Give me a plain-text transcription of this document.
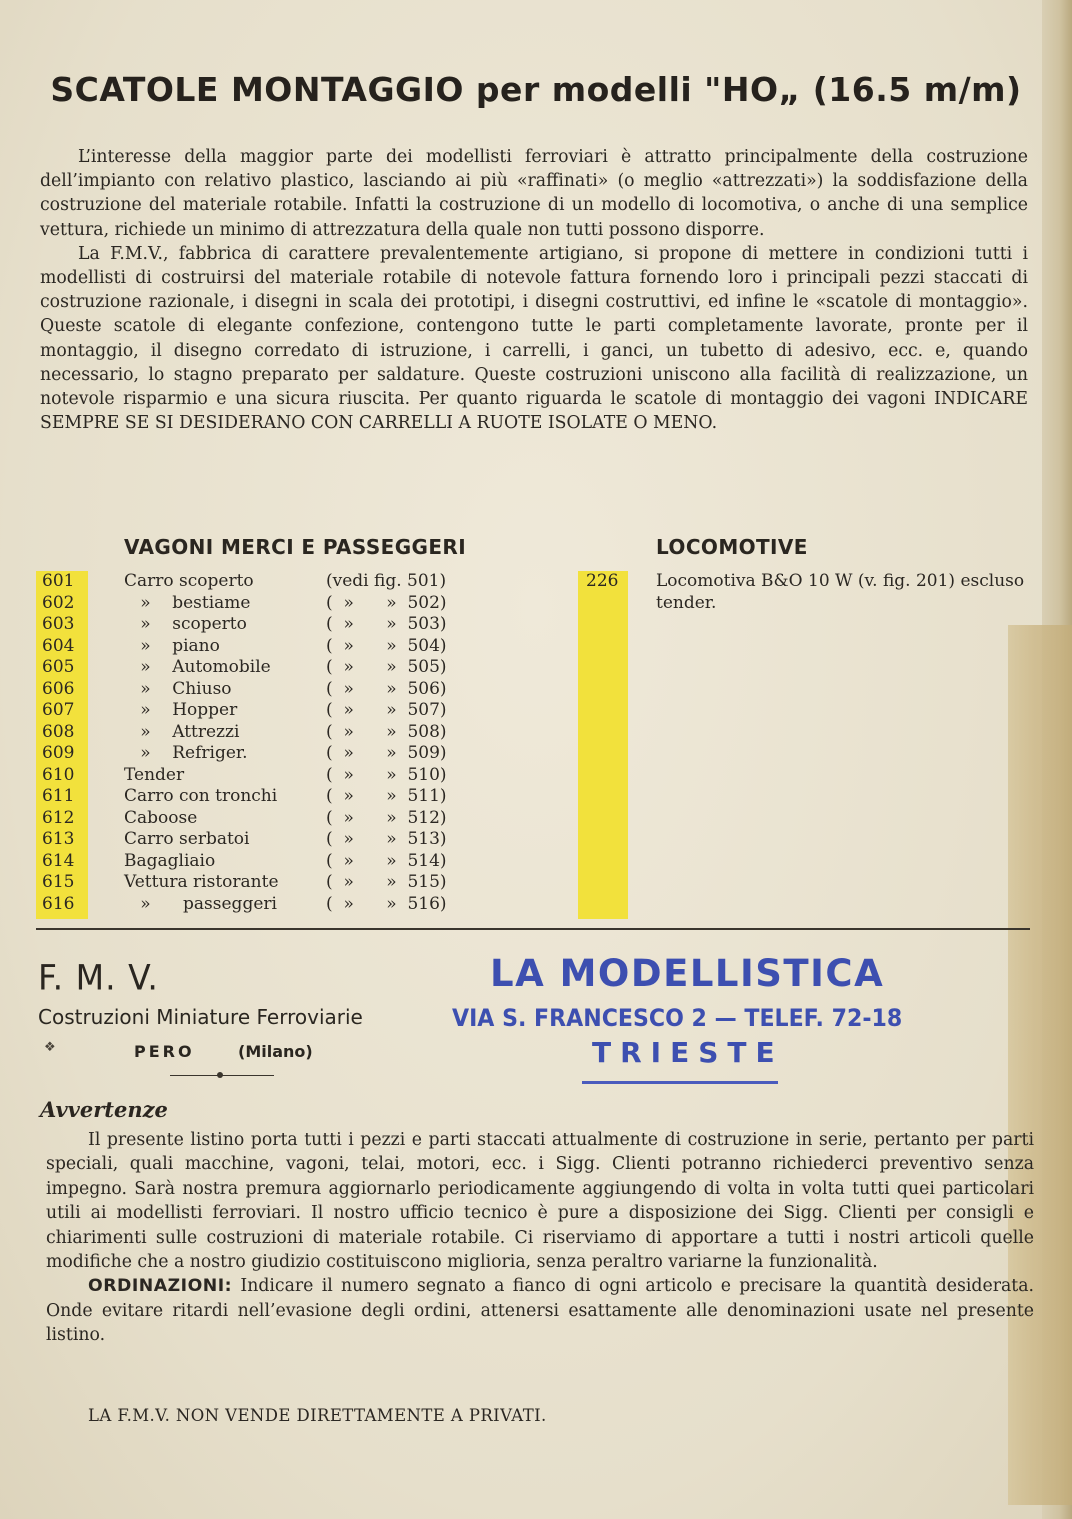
SCATOLE MONTAGGIO per modelli "HO„ (16.5 m/m)

L’interesse della maggior parte dei modellisti ferroviari è attratto principalmente della costruzione dell’impianto con relativo plastico, lasciando ai più «raffinati» (o meglio «attrezzati») la soddisfazione della costruzione del materiale rotabile. Infatti la costruzione di un modello di locomotiva, o anche di una semplice vettura, richiede un minimo di attrezzatura della quale non tutti possono disporre.

La F.M.V., fabbrica di carattere prevalentemente artigiano, si propone di mettere in condizioni tutti i modellisti di costruirsi del materiale rotabile di notevole fattura fornendo loro i principali pezzi staccati di costruzione razionale, i disegni in scala dei prototipi, i disegni costruttivi, ed infine le «scatole di montaggio». Queste scatole di elegante confezione, contengono tutte le parti completamente lavorate, pronte per il montaggio, il disegno corredato di istruzione, i carrelli, i ganci, un tubetto di adesivo, ecc. e, quando necessario, lo stagno preparato per saldature. Queste costruzioni uniscono alla facilità di realizzazione, un notevole risparmio e una sicura riuscita. Per quanto riguarda le scatole di montaggio dei vagoni INDICARE SEMPRE SE SI DESIDERANO CON CARRELLI A RUOTE ISOLATE O MENO.

VAGONI MERCI E PASSEGGERI	LOCOMOTIVE
601	Carro scoperto	(vedi fig. 501)
602	»    bestiame	(  »      »  502)
603	»    scoperto	(  »      »  503)
604	»    piano	(  »      »  504)
605	»    Automobile	(  »      »  505)
606	»    Chiuso	(  »      »  506)
607	»    Hopper	(  »      »  507)
608	»    Attrezzi	(  »      »  508)
609	»    Refriger.	(  »      »  509)
610	Tender	(  »      »  510)
611	Carro con tronchi	(  »      »  511)
612	Caboose	(  »      »  512)
613	Carro serbatoi	(  »      »  513)
614	Bagagliaio	(  »      »  514)
615	Vettura ristorante	(  »      »  515)
616	»      passeggeri	(  »      »  516)
226 Locomotiva B&O 10 W (v. fig. 201) escluso tender.
F. M. V.
Costruzioni Miniature Ferroviarie
❖	PERO	(Milano)
LA MODELLISTICA
VIA S. FRANCESCO 2 — TELEF. 72-18
TRIESTE
Avvertenze

Il presente listino porta tutti i pezzi e parti staccati attualmente di costruzione in serie, pertanto per parti speciali, quali macchine, vagoni, telai, motori, ecc. i Sigg. Clienti potranno richiederci preventivo senza impegno. Sarà nostra premura aggiornarlo periodicamente aggiungendo di volta in volta tutti quei particolari utili ai modellisti ferroviari. Il nostro ufficio tecnico è pure a disposizione dei Sigg. Clienti per consigli e chiarimenti sulle costruzioni di materiale rotabile. Ci riserviamo di apportare a tutti i nostri articoli quelle modifiche che a nostro giudizio costituiscono miglioria, senza peraltro variarne la funzionalità.

ORDINAZIONI: Indicare il numero segnato a fianco di ogni articolo e precisare la quantità desiderata. Onde evitare ritardi nell’evasione degli ordini, attenersi esattamente alle denominazioni usate nel presente listino.

LA F.M.V. NON VENDE DIRETTAMENTE A PRIVATI.
